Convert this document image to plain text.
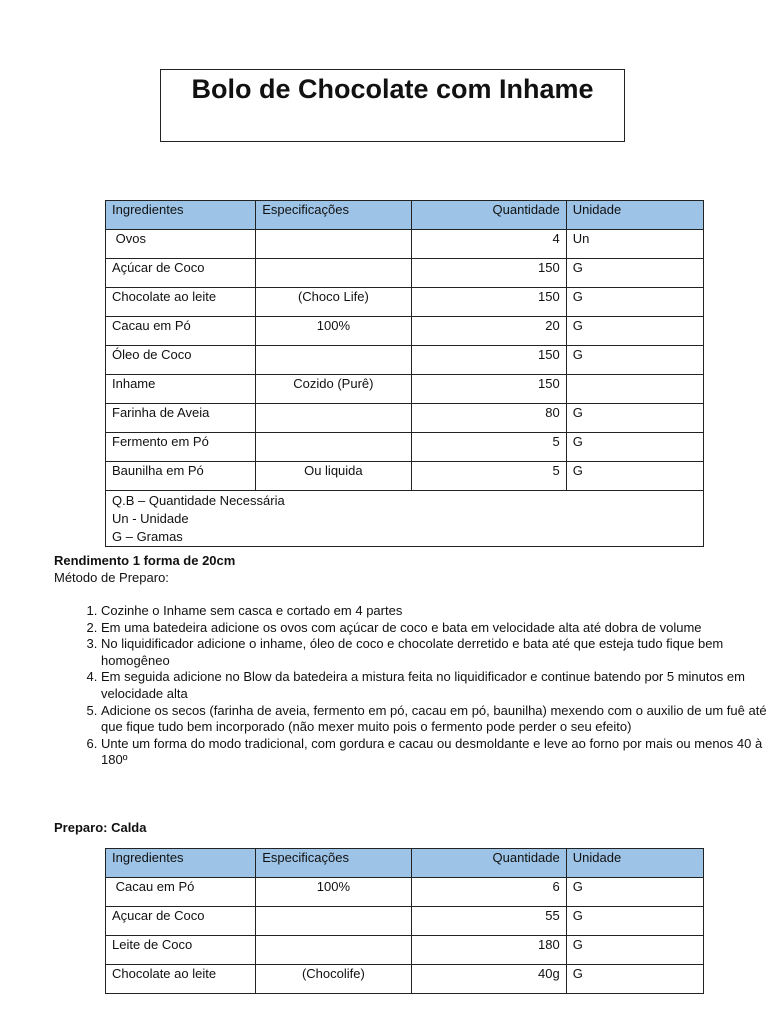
Bolo de Chocolate com Inhame
Ingredientes	Especificações	Quantidade	Unidade
Ovos		4	Un
Açúcar de Coco		150	G
Chocolate ao leite	(Choco Life)	150	G
Cacau em Pó	100%	20	G
Óleo de Coco		150	G
Inhame	Cozido (Purê)	150	
Farinha de Aveia		80	G
Fermento em Pó		5	G
Baunilha em Pó	Ou liquida	5	G

Q.B – Quantidade Necessária
Un - Unidade
G – Gramas			
Rendimento 1 forma de 20cm
Método de Preparo:
1. Cozinhe o Inhame sem casca e cortado em 4 partes
2. Em uma batedeira adicione os ovos com açúcar de coco e bata em velocidade alta até dobra de volume
3. No liquidificador adicione o inhame, óleo de coco e chocolate derretido e bata até que esteja tudo fique bem homogêneo
4. Em seguida adicione no Blow da batedeira a mistura feita no liquidificador e continue batendo por 5 minutos em velocidade alta
5. Adicione os secos (farinha de aveia, fermento em pó, cacau em pó, baunilha) mexendo com o auxilio de um fuê até que fique tudo bem incorporado (não mexer muito pois o fermento pode perder o seu efeito)
6. Unte um forma do modo tradicional, com gordura e cacau ou desmoldante e leve ao forno por mais ou menos 40 à 180º
Preparo: Calda
Ingredientes	Especificações	Quantidade	Unidade
Cacau em Pó	100%	6	G
Açucar de Coco		55	G
Leite de Coco		180	G
Chocolate ao leite	(Chocolife)	40g	G
